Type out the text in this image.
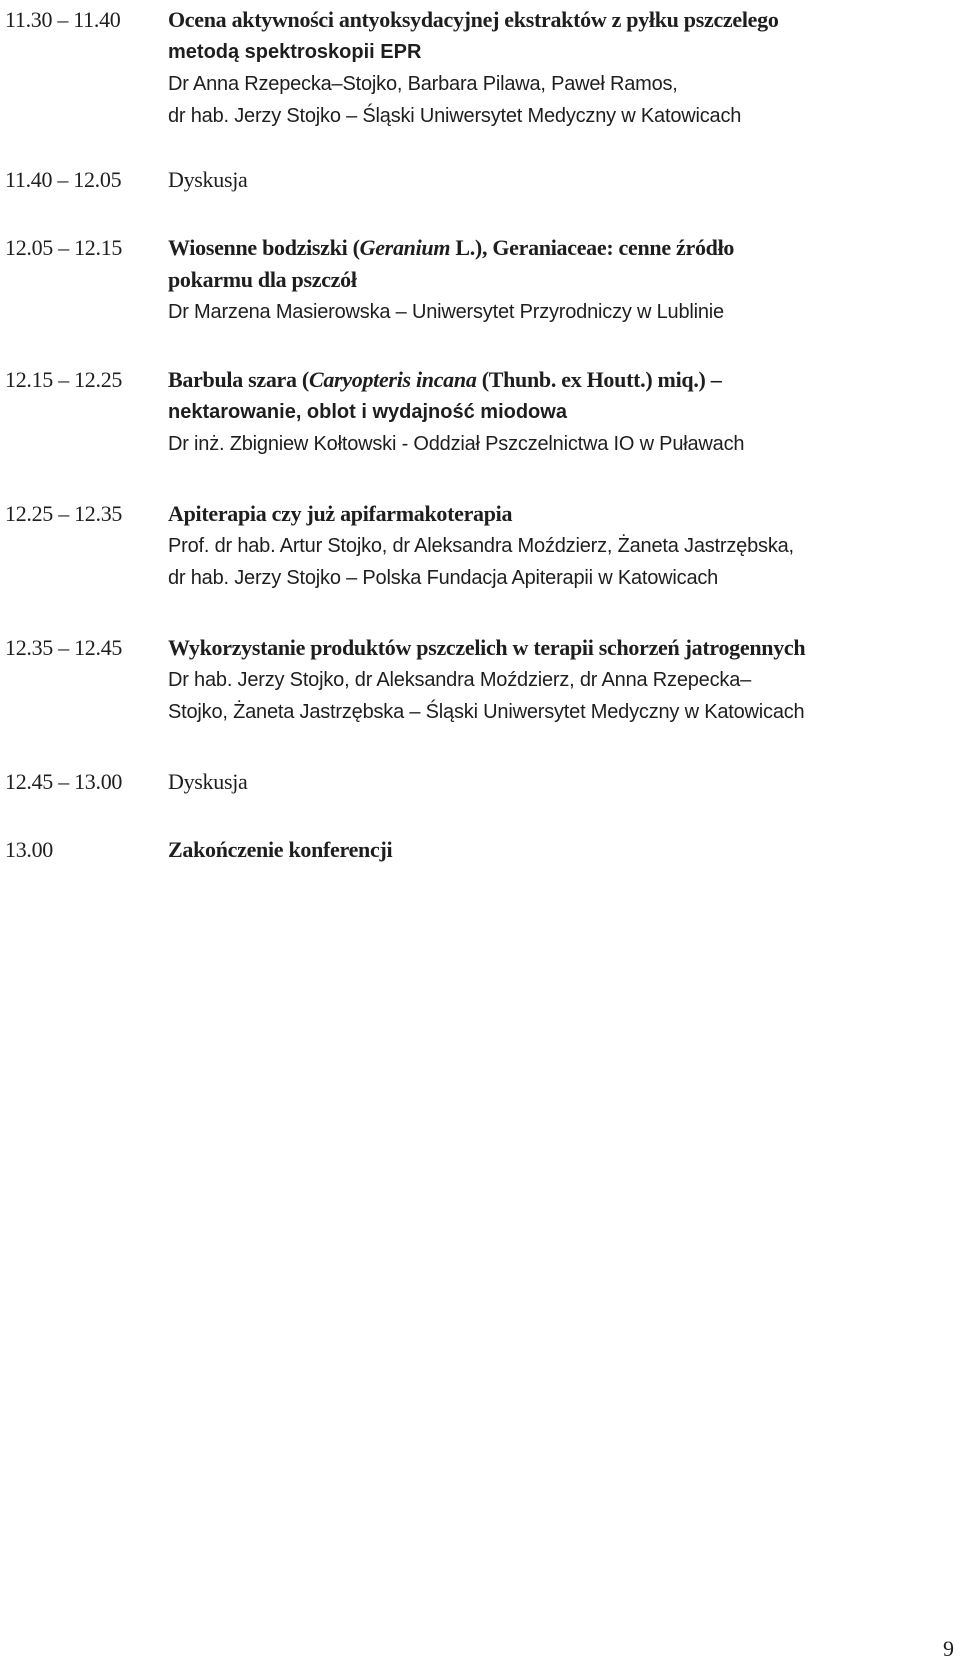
11.30 – 11.40 Ocena aktywności antyoksydacyjnej ekstraktów z pyłku pszczelego
metodą spektroskopii EPR
Dr Anna Rzepecka–Stojko, Barbara Pilawa, Paweł Ramos,
dr hab. Jerzy Stojko – Śląski Uniwersytet Medyczny w Katowicach
11.40 – 12.05 Dyskusja
12.05 – 12.15 Wiosenne bodziszki (Geranium L.), Geraniaceae: cenne źródło
pokarmu dla pszczół
Dr Marzena Masierowska – Uniwersytet Przyrodniczy w Lublinie
12.15 – 12.25 Barbula szara (Caryopteris incana (Thunb. ex Houtt.) miq.) –
nektarowanie, oblot i wydajność miodowa
Dr inż. Zbigniew Kołtowski - Oddział Pszczelnictwa IO w Puławach
12.25 – 12.35 Apiterapia czy już apifarmakoterapia
Prof. dr hab. Artur Stojko, dr Aleksandra Moździerz, Żaneta Jastrzębska,
dr hab. Jerzy Stojko – Polska Fundacja Apiterapii w Katowicach
12.35 – 12.45 Wykorzystanie produktów pszczelich w terapii schorzeń jatrogennych
Dr hab. Jerzy Stojko, dr Aleksandra Moździerz, dr Anna Rzepecka–
Stojko, Żaneta Jastrzębska – Śląski Uniwersytet Medyczny w Katowicach
12.45 – 13.00 Dyskusja
13.00	Zakończenie konferencji
9
